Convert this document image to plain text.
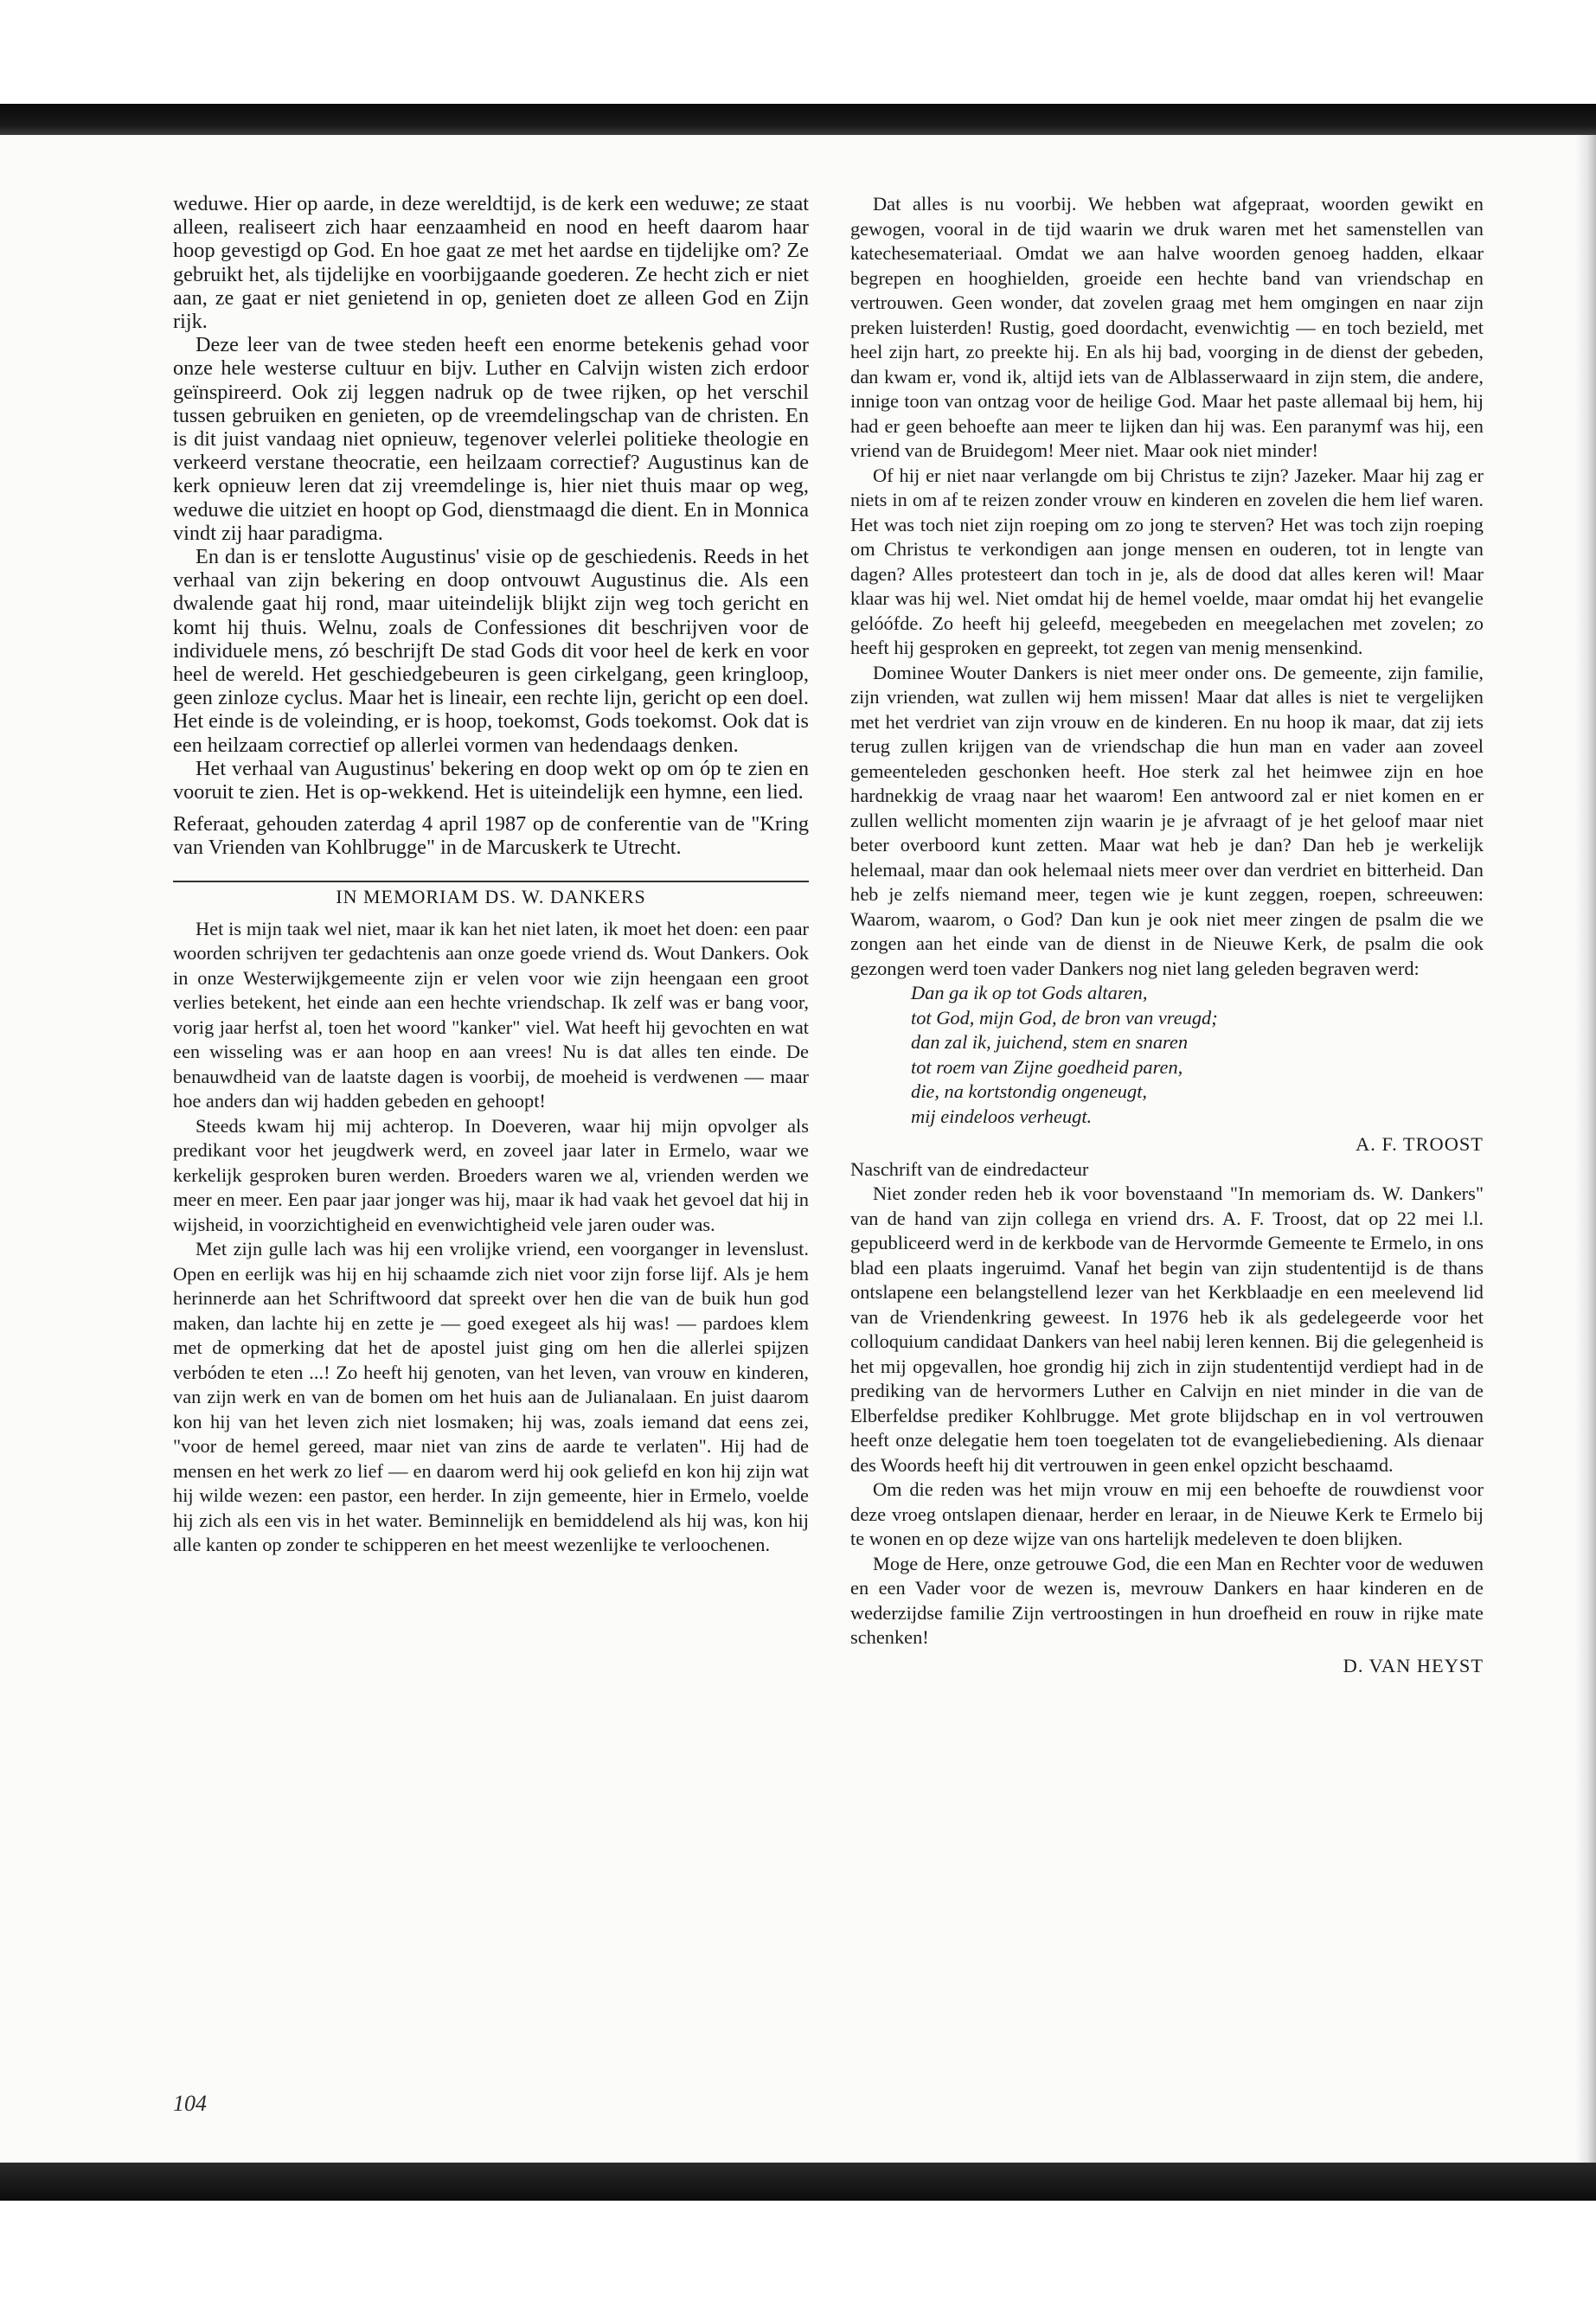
weduwe. Hier op aarde, in deze wereldtijd, is de kerk een weduwe; ze staat alleen, realiseert zich haar eenzaamheid en nood en heeft daarom haar hoop gevestigd op God. En hoe gaat ze met het aardse en tijdelijke om? Ze gebruikt het, als tijdelijke en voorbijgaande goederen. Ze hecht zich er niet aan, ze gaat er niet genietend in op, genieten doet ze alleen God en Zijn rijk.

Deze leer van de twee steden heeft een enorme betekenis gehad voor onze hele westerse cultuur en bijv. Luther en Calvijn wisten zich erdoor geïnspireerd. Ook zij leggen nadruk op de twee rijken, op het verschil tussen gebruiken en genieten, op de vreemdelingschap van de christen. En is dit juist vandaag niet opnieuw, tegenover velerlei politieke theologie en verkeerd verstane theocratie, een heilzaam correctief? Augustinus kan de kerk opnieuw leren dat zij vreemdelinge is, hier niet thuis maar op weg, weduwe die uitziet en hoopt op God, dienstmaagd die dient. En in Monnica vindt zij haar paradigma.

En dan is er tenslotte Augustinus' visie op de geschiedenis. Reeds in het verhaal van zijn bekering en doop ontvouwt Augustinus die. Als een dwalende gaat hij rond, maar uiteindelijk blijkt zijn weg toch gericht en komt hij thuis. Welnu, zoals de Confessiones dit beschrijven voor de individuele mens, zó beschrijft De stad Gods dit voor heel de kerk en voor heel de wereld. Het geschiedgebeuren is geen cirkelgang, geen kringloop, geen zinloze cyclus. Maar het is lineair, een rechte lijn, gericht op een doel. Het einde is de voleinding, er is hoop, toekomst, Gods toekomst. Ook dat is een heilzaam correctief op allerlei vormen van hedendaags denken.

Het verhaal van Augustinus' bekering en doop wekt op om óp te zien en vooruit te zien. Het is op-wekkend. Het is uiteindelijk een hymne, een lied.

Referaat, gehouden zaterdag 4 april 1987 op de conferentie van de "Kring van Vrienden van Kohlbrugge" in de Marcuskerk te Utrecht.

IN MEMORIAM DS. W. DANKERS

Het is mijn taak wel niet, maar ik kan het niet laten, ik moet het doen: een paar woorden schrijven ter gedachtenis aan onze goede vriend ds. Wout Dankers. Ook in onze Westerwijkgemeente zijn er velen voor wie zijn heengaan een groot verlies betekent, het einde aan een hechte vriendschap. Ik zelf was er bang voor, vorig jaar herfst al, toen het woord "kanker" viel. Wat heeft hij gevochten en wat een wisseling was er aan hoop en aan vrees! Nu is dat alles ten einde. De benauwdheid van de laatste dagen is voorbij, de moeheid is verdwenen — maar hoe anders dan wij hadden gebeden en gehoopt!

Steeds kwam hij mij achterop. In Doeveren, waar hij mijn opvolger als predikant voor het jeugdwerk werd, en zoveel jaar later in Ermelo, waar we kerkelijk gesproken buren werden. Broeders waren we al, vrienden werden we meer en meer. Een paar jaar jonger was hij, maar ik had vaak het gevoel dat hij in wijsheid, in voorzichtigheid en evenwichtigheid vele jaren ouder was.

Met zijn gulle lach was hij een vrolijke vriend, een voorganger in levenslust. Open en eerlijk was hij en hij schaamde zich niet voor zijn forse lijf. Als je hem herinnerde aan het Schriftwoord dat spreekt over hen die van de buik hun god maken, dan lachte hij en zette je — goed exegeet als hij was! — pardoes klem met de opmerking dat het de apostel juist ging om hen die allerlei spijzen verbóden te eten ...! Zo heeft hij genoten, van het leven, van vrouw en kinderen, van zijn werk en van de bomen om het huis aan de Julianalaan. En juist daarom kon hij van het leven zich niet losmaken; hij was, zoals iemand dat eens zei, "voor de hemel gereed, maar niet van zins de aarde te verlaten". Hij had de mensen en het werk zo lief — en daarom werd hij ook geliefd en kon hij zijn wat hij wilde wezen: een pastor, een herder. In zijn gemeente, hier in Ermelo, voelde hij zich als een vis in het water. Beminnelijk en bemiddelend als hij was, kon hij alle kanten op zonder te schipperen en het meest wezenlijke te verloochenen.

104

Dat alles is nu voorbij. We hebben wat afgepraat, woorden gewikt en gewogen, vooral in de tijd waarin we druk waren met het samenstellen van katechesemateriaal. Omdat we aan halve woorden genoeg hadden, elkaar begrepen en hooghielden, groeide een hechte band van vriendschap en vertrouwen. Geen wonder, dat zovelen graag met hem omgingen en naar zijn preken luisterden! Rustig, goed doordacht, evenwichtig — en toch bezield, met heel zijn hart, zo preekte hij. En als hij bad, voorging in de dienst der gebeden, dan kwam er, vond ik, altijd iets van de Alblasserwaard in zijn stem, die andere, innige toon van ontzag voor de heilige God. Maar het paste allemaal bij hem, hij had er geen behoefte aan meer te lijken dan hij was. Een paranymf was hij, een vriend van de Bruidegom! Meer niet. Maar ook niet minder!

Of hij er niet naar verlangde om bij Christus te zijn? Jazeker. Maar hij zag er niets in om af te reizen zonder vrouw en kinderen en zovelen die hem lief waren. Het was toch niet zijn roeping om zo jong te sterven? Het was toch zijn roeping om Christus te verkondigen aan jonge mensen en ouderen, tot in lengte van dagen? Alles protesteert dan toch in je, als de dood dat alles keren wil! Maar klaar was hij wel. Niet omdat hij de hemel voelde, maar omdat hij het evangelie gelóófde. Zo heeft hij geleefd, meegebeden en meegelachen met zovelen; zo heeft hij gesproken en gepreekt, tot zegen van menig mensenkind.

Dominee Wouter Dankers is niet meer onder ons. De gemeente, zijn familie, zijn vrienden, wat zullen wij hem missen! Maar dat alles is niet te vergelijken met het verdriet van zijn vrouw en de kinderen. En nu hoop ik maar, dat zij iets terug zullen krijgen van de vriendschap die hun man en vader aan zoveel gemeenteleden geschonken heeft. Hoe sterk zal het heimwee zijn en hoe hardnekkig de vraag naar het waarom! Een antwoord zal er niet komen en er zullen wellicht momenten zijn waarin je je afvraagt of je het geloof maar niet beter overboord kunt zetten. Maar wat heb je dan? Dan heb je werkelijk helemaal, maar dan ook helemaal niets meer over dan verdriet en bitterheid. Dan heb je zelfs niemand meer, tegen wie je kunt zeggen, roepen, schreeuwen: Waarom, waarom, o God? Dan kun je ook niet meer zingen de psalm die we zongen aan het einde van de dienst in de Nieuwe Kerk, de psalm die ook gezongen werd toen vader Dankers nog niet lang geleden begraven werd:

Dan ga ik op tot Gods altaren,
tot God, mijn God, de bron van vreugd;
dan zal ik, juichend, stem en snaren
tot roem van Zijne goedheid paren,
die, na kortstondig ongeneugt,
mij eindeloos verheugt.
A. F. TROOST

Naschrift van de eindredacteur

Niet zonder reden heb ik voor bovenstaand "In memoriam ds. W. Dankers" van de hand van zijn collega en vriend drs. A. F. Troost, dat op 22 mei l.l. gepubliceerd werd in de kerkbode van de Hervormde Gemeente te Ermelo, in ons blad een plaats ingeruimd. Vanaf het begin van zijn studententijd is de thans ontslapene een belangstellend lezer van het Kerkblaadje en een meelevend lid van de Vriendenkring geweest. In 1976 heb ik als gedelegeerde voor het colloquium candidaat Dankers van heel nabij leren kennen. Bij die gelegenheid is het mij opgevallen, hoe grondig hij zich in zijn studententijd verdiept had in de prediking van de hervormers Luther en Calvijn en niet minder in die van de Elberfeldse prediker Kohlbrugge. Met grote blijdschap en in vol vertrouwen heeft onze delegatie hem toen toegelaten tot de evangeliebediening. Als dienaar des Woords heeft hij dit vertrouwen in geen enkel opzicht beschaamd.

Om die reden was het mijn vrouw en mij een behoefte de rouwdienst voor deze vroeg ontslapen dienaar, herder en leraar, in de Nieuwe Kerk te Ermelo bij te wonen en op deze wijze van ons hartelijk medeleven te doen blijken.

Moge de Here, onze getrouwe God, die een Man en Rechter voor de weduwen en een Vader voor de wezen is, mevrouw Dankers en haar kinderen en de wederzijdse familie Zijn vertroostingen in hun droefheid en rouw in rijke mate schenken!

D. VAN HEYST
